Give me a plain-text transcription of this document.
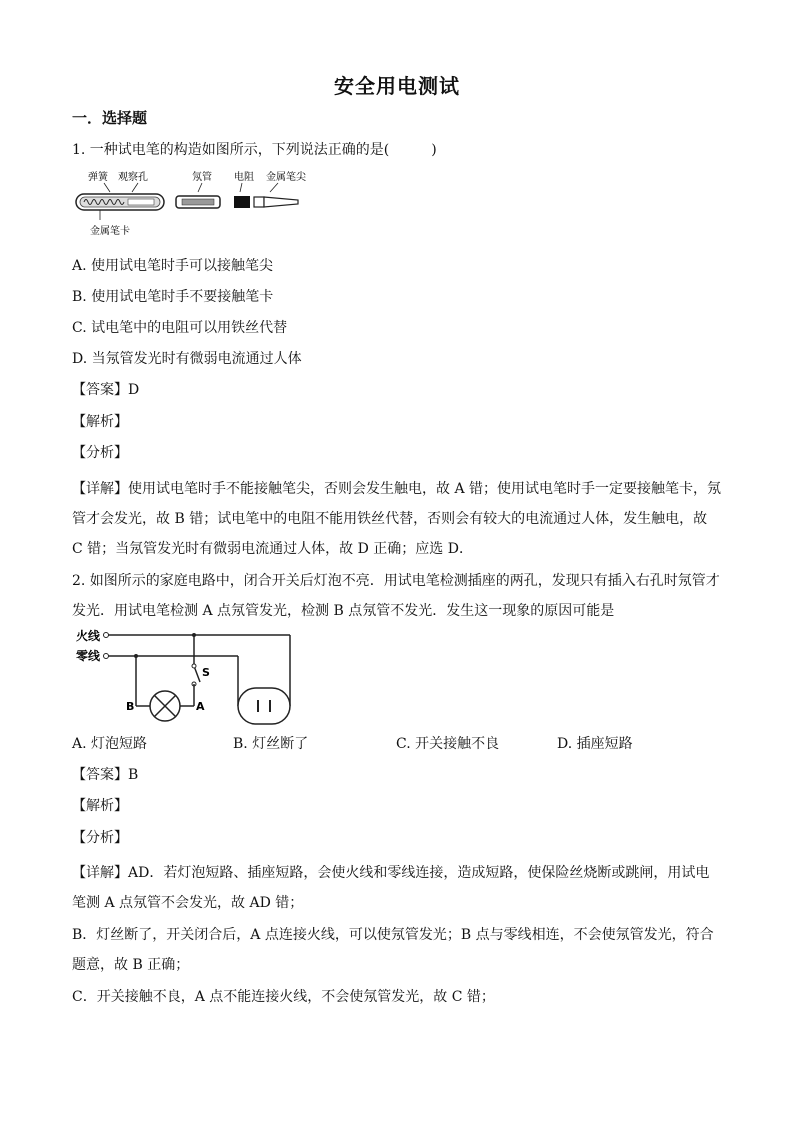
安全用电测试
一．选择题
1. 一种试电笔的构造如图所示，下列说法正确的是(　　　)
弹簧 观察孔	氖管 电阻 金属笔尖
金属笔卡
A. 使用试电笔时手可以接触笔尖
B. 使用试电笔时手不要接触笔卡
C. 试电笔中的电阻可以用铁丝代替
D. 当氖管发光时有微弱电流通过人体
【答案】D
【解析】
【分析】
【详解】使用试电笔时手不能接触笔尖，否则会发生触电，故 A 错；使用试电笔时手一定要接触笔卡，氖管才会发光，故 B 错；试电笔中的电阻不能用铁丝代替，否则会有较大的电流通过人体，发生触电，故 C 错；当氖管发光时有微弱电流通过人体，故 D 正确；应选 D．
2. 如图所示的家庭电路中，闭合开关后灯泡不亮．用试电笔检测插座的两孔，发现只有插入右孔时氖管才发光．用试电笔检测 A 点氖管发光，检测 B 点氖管不发光．发生这一现象的原因可能是
火线
零线
S
B	A
A. 灯泡短路	B. 灯丝断了	C. 开关接触不良	D. 插座短路
【答案】B
【解析】
【分析】
【详解】AD．若灯泡短路、插座短路，会使火线和零线连接，造成短路，使保险丝烧断或跳闸，用试电笔测 A 点氖管不会发光，故 AD 错；
B．灯丝断了，开关闭合后，A 点连接火线，可以使氖管发光；B 点与零线相连，不会使氖管发光，符合题意，故 B 正确；
C．开关接触不良，A 点不能连接火线，不会使氖管发光，故 C 错；
